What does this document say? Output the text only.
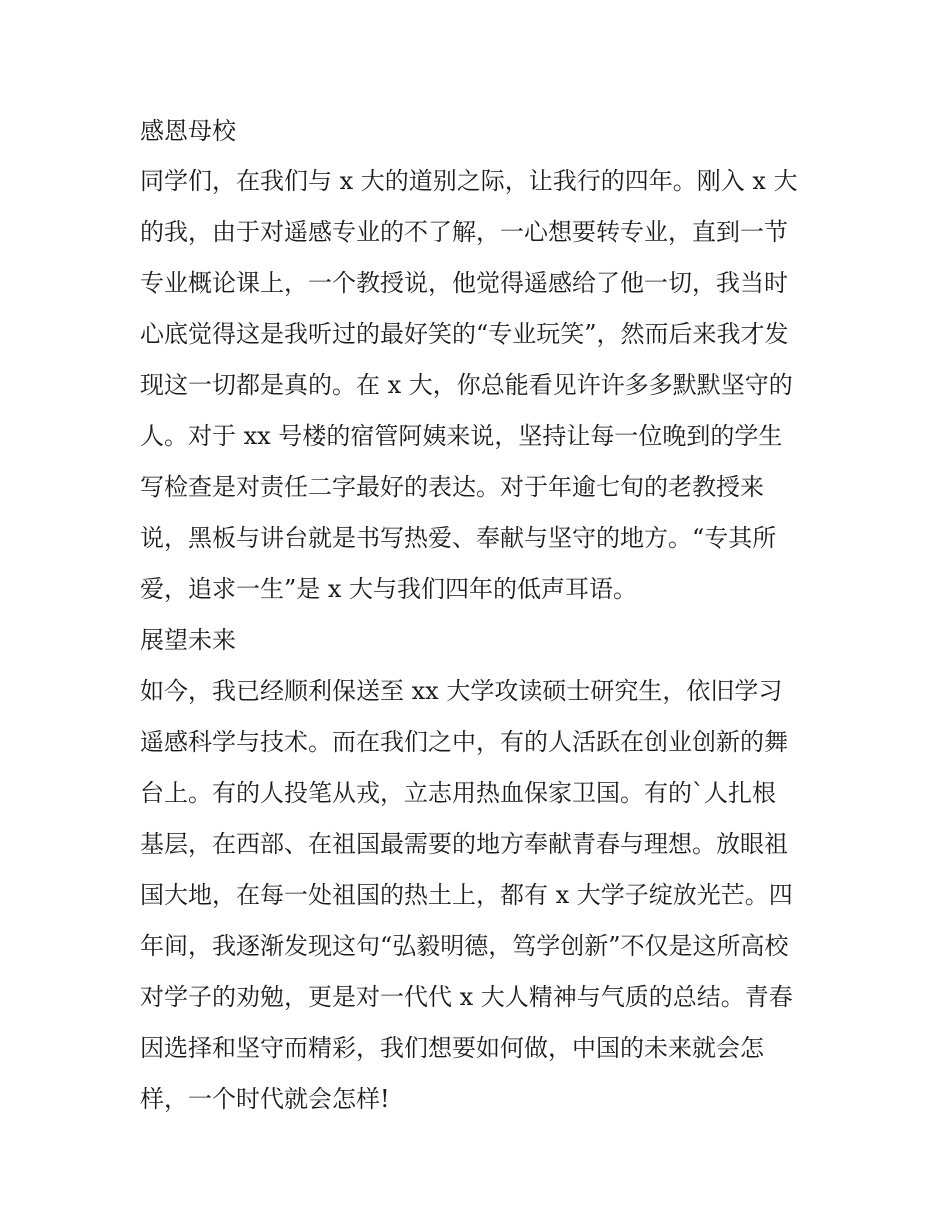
感恩母校
同学们，在我们与 x 大的道别之际，让我行的四年。刚入 x 大
的我，由于对遥感专业的不了解，一心想要转专业，直到一节
专业概论课上，一个教授说，他觉得遥感给了他一切，我当时
心底觉得这是我听过的最好笑的“专业玩笑”，然而后来我才发
现这一切都是真的。在 x 大，你总能看见许许多多默默坚守的
人。对于 xx 号楼的宿管阿姨来说，坚持让每一位晚到的学生
写检查是对责任二字最好的表达。对于年逾七旬的老教授来
说，黑板与讲台就是书写热爱、奉献与坚守的地方。“专其所
爱，追求一生”是 x 大与我们四年的低声耳语。
展望未来
如今，我已经顺利保送至 xx 大学攻读硕士研究生，依旧学习
遥感科学与技术。而在我们之中，有的人活跃在创业创新的舞
台上。有的人投笔从戎，立志用热血保家卫国。有的`人扎根
基层，在西部、在祖国最需要的地方奉献青春与理想。放眼祖
国大地，在每一处祖国的热土上，都有 x 大学子绽放光芒。四
年间，我逐渐发现这句“弘毅明德，笃学创新”不仅是这所高校
对学子的劝勉，更是对一代代 x 大人精神与气质的总结。青春
因选择和坚守而精彩，我们想要如何做，中国的未来就会怎
样，一个时代就会怎样!
